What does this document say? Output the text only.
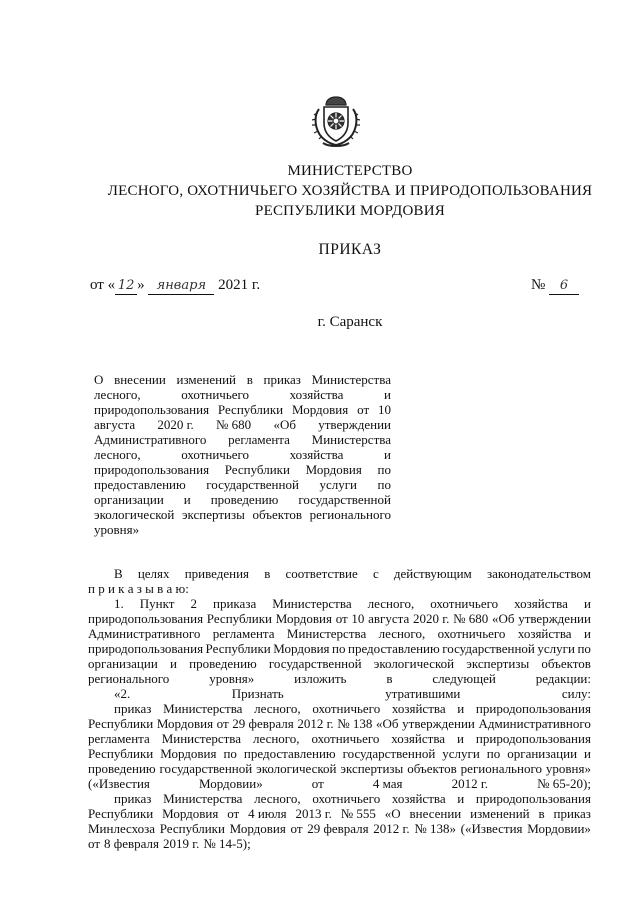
МИНИСТЕРСТВО
ЛЕСНОГО, ОХОТНИЧЬЕГО ХОЗЯЙСТВА И ПРИРОДОПОЛЬЗОВАНИЯ
РЕСПУБЛИКИ МОРДОВИЯ
ПРИКАЗ
от « 12 » января 2021 г.	№ 6
г. Саранск
О внесении изменений в приказ Министерства
лесного,	охотничьего	хозяйства	и
природопользования Республики Мордовия от 10
августа 2020 г. № 680 «Об утверждении
Административного регламента Министерства
лесного,	охотничьего	хозяйства	и
природопользования Республики Мордовия по
предоставлению государственной услуги по
организации и проведению государственной
экологической экспертизы объектов регионального
уровня»
В целях приведения в соответствие с действующим законодательством
п р и к а з ы в а ю:
1. Пункт 2 приказа Министерства лесного, охотничьего хозяйства и
природопользования Республики Мордовия от 10 августа 2020 г. № 680 «Об утверждении
Административного регламента Министерства лесного, охотничьего хозяйства и
природопользования Республики Мордовия по предоставлению государственной услуги по
организации и проведению государственной экологической экспертизы объектов
регионального	уровня»	изложить	в	следующей	редакции:
«2.	Признать	утратившими	силу:
приказ Министерства лесного, охотничьего хозяйства и природопользования
Республики Мордовия от 29 февраля 2012 г. № 138 «Об утверждении Административного
регламента Министерства лесного, охотничьего хозяйства и природопользования
Республики Мордовия по предоставлению государственной услуги по организации и
проведению государственной экологической экспертизы объектов регионального уровня»
(«Известия	Мордовии»	от	4 мая	2012 г.	№ 65-20);
приказ Министерства лесного, охотничьего хозяйства и природопользования
Республики Мордовия от 4 июля 2013 г. № 555 «О внесении изменений в приказ
Минлесхоза Республики Мордовия от 29 февраля 2012 г. № 138» («Известия Мордовии»
от 8 февраля 2019 г. № 14-5);
